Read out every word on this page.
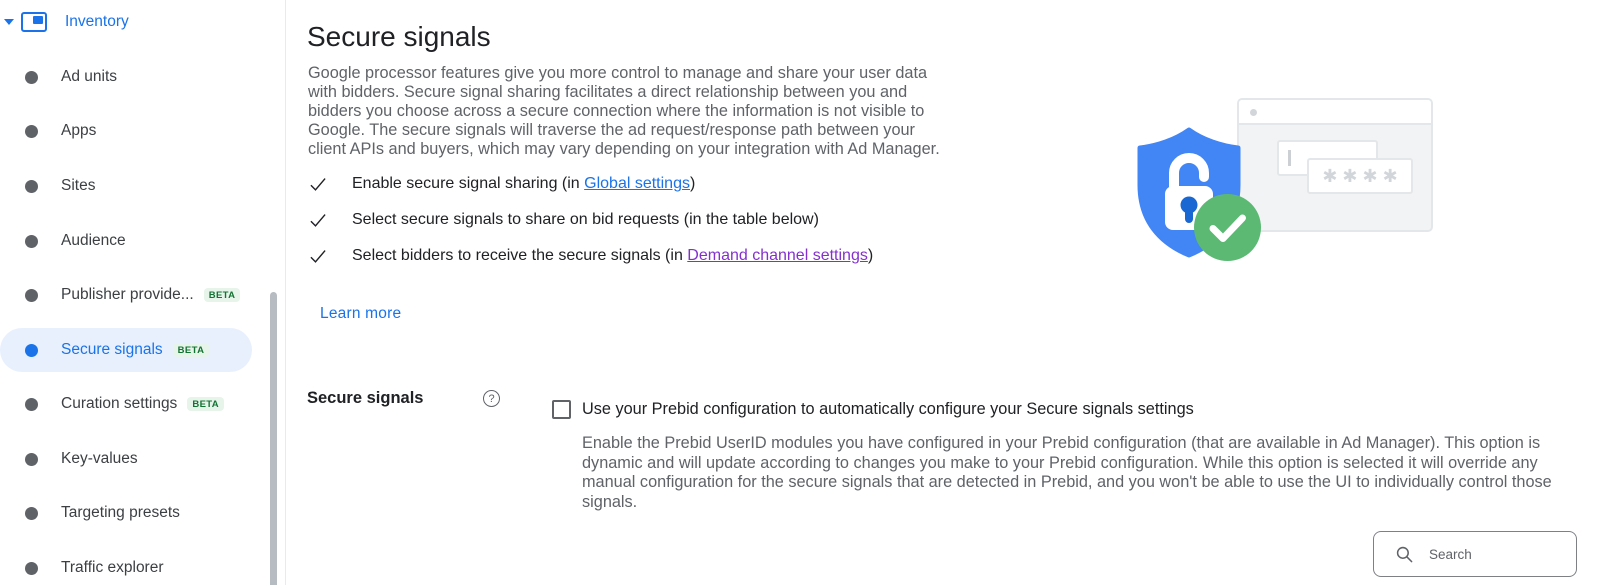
Inventory
Ad units
Apps
Sites
Audience
Publisher provide...	BETA
Secure signals	BETA
Curation settings	BETA
Key-values
Targeting presets
Traffic explorer
Secure signals
Google processor features give you more control to manage and share your user data
with bidders. Secure signal sharing facilitates a direct relationship between you and
bidders you choose across a secure connection where the information is not visible to
Google. The secure signals will traverse the ad request/response path between your
client APIs and buyers, which may vary depending on your integration with Ad Manager.
Enable secure signal sharing (in Global settings)
Select secure signals to share on bid requests (in the table below)
Select bidders to receive the secure signals (in Demand channel settings)
Learn more
Secure signals	?
Use your Prebid configuration to automatically configure your Secure signals settings
Enable the Prebid UserID modules you have configured in your Prebid configuration (that are available in Ad Manager). This option is
dynamic and will update according to changes you make to your Prebid configuration. While this option is selected it will override any
manual configuration for the secure signals that are detected in Prebid, and you won't be able to use the UI to individually control those
signals.
Search
✱✱✱✱
